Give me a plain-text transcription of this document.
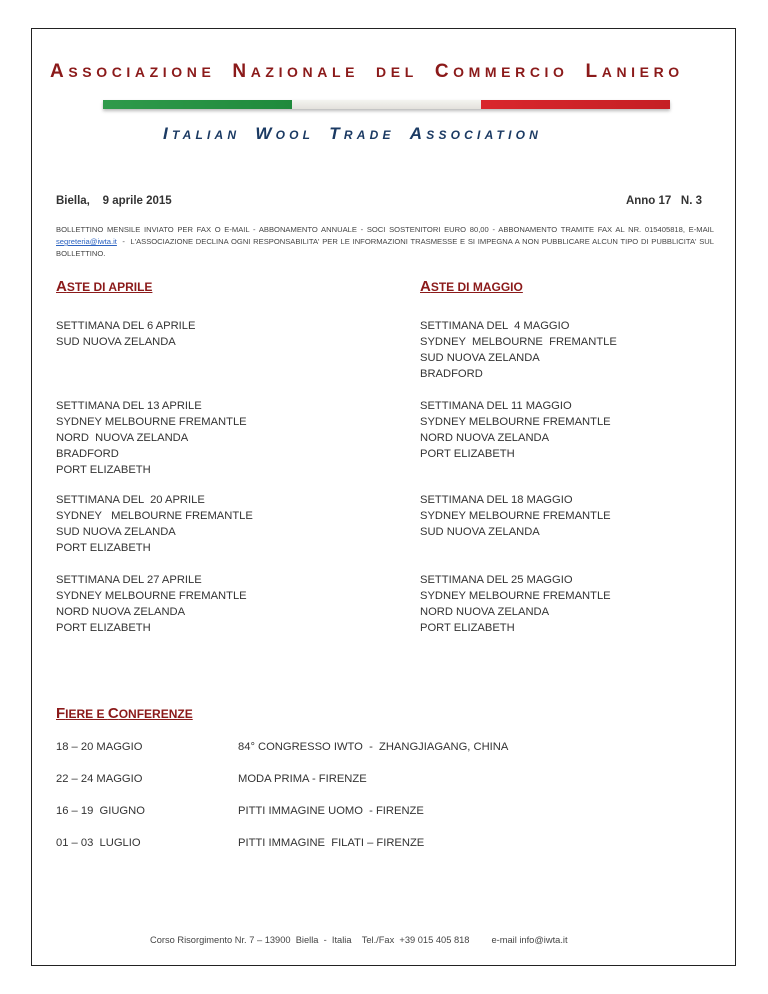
ASSOCIAZIONE NAZIONALE DEL COMMERCIO LANIERO
ITALIAN WOOL TRADE ASSOCIATION
Biella,    9 aprile 2015	Anno 17   N. 3
BOLLETTINO MENSILE INVIATO PER FAX O E-MAIL - ABBONAMENTO ANNUALE - SOCI SOSTENITORI EURO 80,00 - ABBONAMENTO TRAMITE FAX AL NR. 015405818, E-MAIL segreteria@iwta.it  -  L'ASSOCIAZIONE DECLINA OGNI RESPONSABILITA' PER LE INFORMAZIONI TRASMESSE E SI IMPEGNA A NON PUBBLICARE ALCUN TIPO DI PUBBLICITA' SUL BOLLETTINO.
ASTE DI APRILE	ASTE DI MAGGIO
SETTIMANA DEL 6 APRILE
SUD NUOVA ZELANDA
SETTIMANA DEL 13 APRILE
SYDNEY MELBOURNE FREMANTLE
NORD  NUOVA ZELANDA
BRADFORD
PORT ELIZABETH
SETTIMANA DEL  20 APRILE
SYDNEY   MELBOURNE FREMANTLE
SUD NUOVA ZELANDA
PORT ELIZABETH
SETTIMANA DEL 27 APRILE
SYDNEY MELBOURNE FREMANTLE
NORD NUOVA ZELANDA
PORT ELIZABETH
SETTIMANA DEL  4 MAGGIO
SYDNEY  MELBOURNE  FREMANTLE
SUD NUOVA ZELANDA
BRADFORD
SETTIMANA DEL 11 MAGGIO
SYDNEY MELBOURNE FREMANTLE
NORD NUOVA ZELANDA
PORT ELIZABETH
SETTIMANA DEL 18 MAGGIO
SYDNEY MELBOURNE FREMANTLE
SUD NUOVA ZELANDA
SETTIMANA DEL 25 MAGGIO
SYDNEY MELBOURNE FREMANTLE
NORD NUOVA ZELANDA
PORT ELIZABETH
FIERE E CONFERENZE
18 – 20 MAGGIO	84° CONGRESSO IWTO  -  ZHANGJIAGANG, CHINA
22 – 24 MAGGIO	MODA PRIMA - FIRENZE
16 – 19  GIUGNO	PITTI IMMAGINE UOMO  - FIRENZE
01 – 03  LUGLIO	PITTI IMMAGINE  FILATI – FIRENZE
Corso Risorgimento Nr. 7 – 13900  Biella  -  Italia    Tel./Fax  +39 015 405 818 e-mail info@iwta.it
